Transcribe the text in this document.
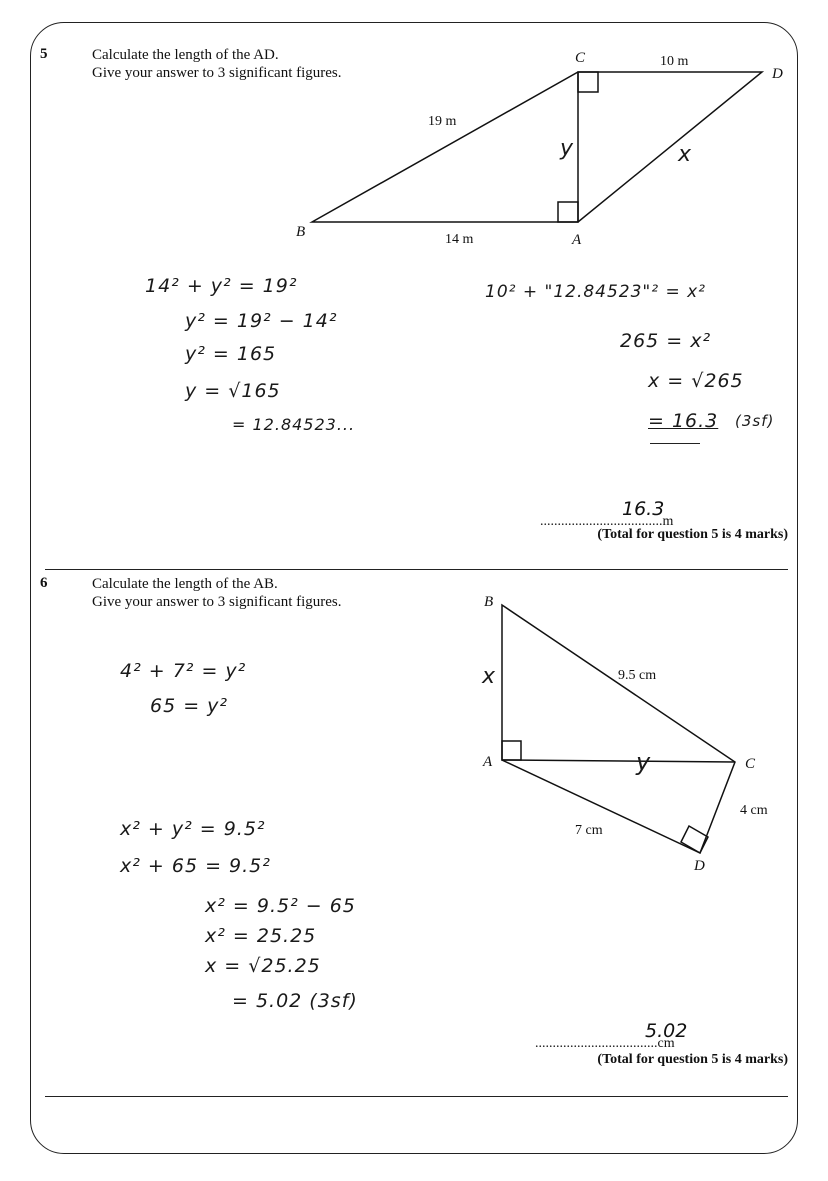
5	Calculate the length of the AD.
Give your answer to 3 significant figures.
C	10 m
D
19 m
y	x
B	14 m	A
14² + y² = 19²
y² = 19² − 14²
y² = 165
y = √165
= 12.84523...
10² + "12.84523"² = x²
265 = x²
x = √265
= 16.3 (3sf)
...................................m
16.3
(Total for question 5 is 4 marks)
6	Calculate the length of the AB.
Give your answer to 3 significant figures.	B
9.5 cm
x
A	y	C
4 cm
7 cm
D
4² + 7² = y²
65 = y²
x² + y² = 9.5²
x² + 65 = 9.5²
x² = 9.5² − 65
x² = 25.25
x = √25.25
= 5.02 (3sf)
...................................cm
5.02
(Total for question 5 is 4 marks)
